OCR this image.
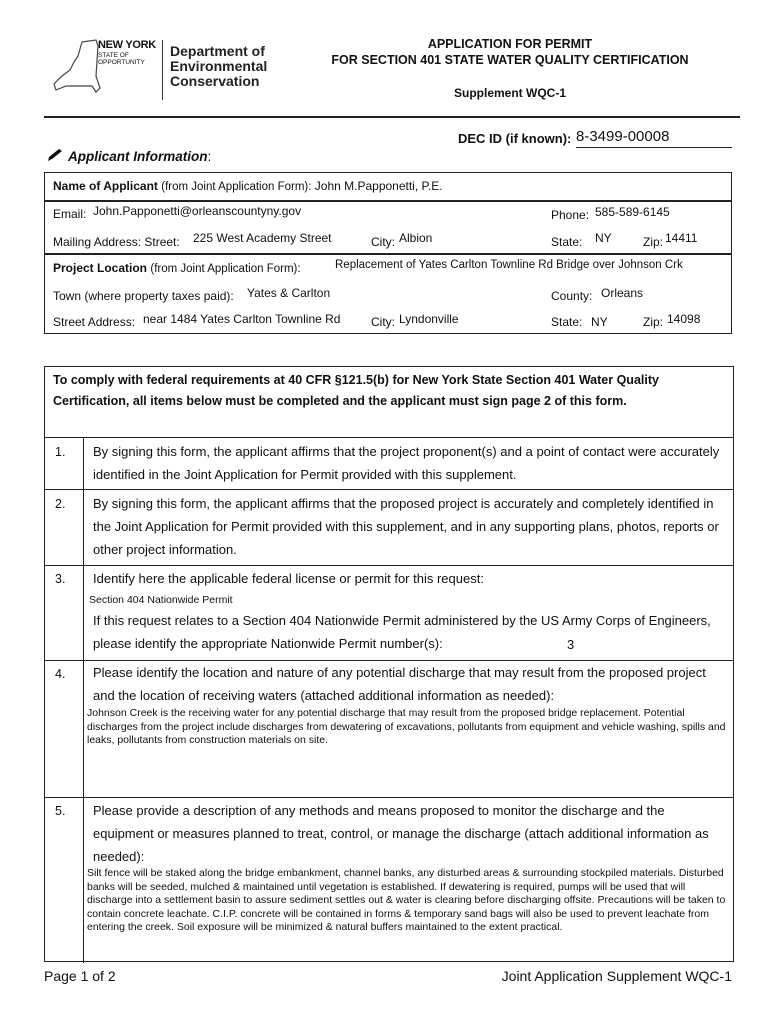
NEW YORK
STATE OF
OPPORTUNITY
Department of
Environmental
Conservation
APPLICATION FOR PERMIT
FOR SECTION 401 STATE WATER QUALITY CERTIFICATION
Supplement WQC-1
DEC ID (if known): 8-3499-00008
Applicant Information:
Name of Applicant (from Joint Application Form): John M.Papponetti, P.E.
Email: John.Papponetti@orleanscountyny.gov	Phone: 585-589-6145
Mailing Address: Street: 225 West Academy Street	City: Albion	State: NY	Zip: 14411
Project Location (from Joint Application Form):	Replacement of Yates Carlton Townline Rd Bridge over Johnson Crk
Town (where property taxes paid): Yates & Carlton	County: Orleans
Street Address: near 1484 Yates Carlton Townline Rd	City: Lyndonville	State: NY	Zip: 14098
To comply with federal requirements at 40 CFR §121.5(b) for New York State Section 401 Water Quality Certification, all items below must be completed and the applicant must sign page 2 of this form.
1. By signing this form, the applicant affirms that the project proponent(s) and a point of contact were accurately identified in the Joint Application for Permit provided with this supplement.
2. By signing this form, the applicant affirms that the proposed project is accurately and completely identified in the Joint Application for Permit provided with this supplement, and in any supporting plans, photos, reports or other project information.
3. Identify here the applicable federal license or permit for this request:
Section 404 Nationwide Permit
If this request relates to a Section 404 Nationwide Permit administered by the US Army Corps of Engineers, please identify the appropriate Nationwide Permit number(s):	3
4. Please identify the location and nature of any potential discharge that may result from the proposed project and the location of receiving waters (attached additional information as needed):
Johnson Creek is the receiving water for any potential discharge that may result from the proposed bridge replacement. Potential discharges from the project include discharges from dewatering of excavations, pollutants from equipment and vehicle washing, spills and leaks, pollutants from construction materials on site.
5. Please provide a description of any methods and means proposed to monitor the discharge and the equipment or measures planned to treat, control, or manage the discharge (attach additional information as needed):
Silt fence will be staked along the bridge embankment, channel banks, any disturbed areas & surrounding stockpiled materials. Disturbed banks will be seeded, mulched & maintained until vegetation is established. If dewatering is required, pumps will be used that will discharge into a settlement basin to assure sediment settles out & water is clearing before discharging offsite. Precautions will be taken to contain concrete leachate. C.I.P. concrete will be contained in forms & temporary sand bags will also be used to prevent leachate from entering the creek. Soil exposure will be minimized & natural buffers maintained to the extent practical.
Page 1 of 2	Joint Application Supplement WQC-1
